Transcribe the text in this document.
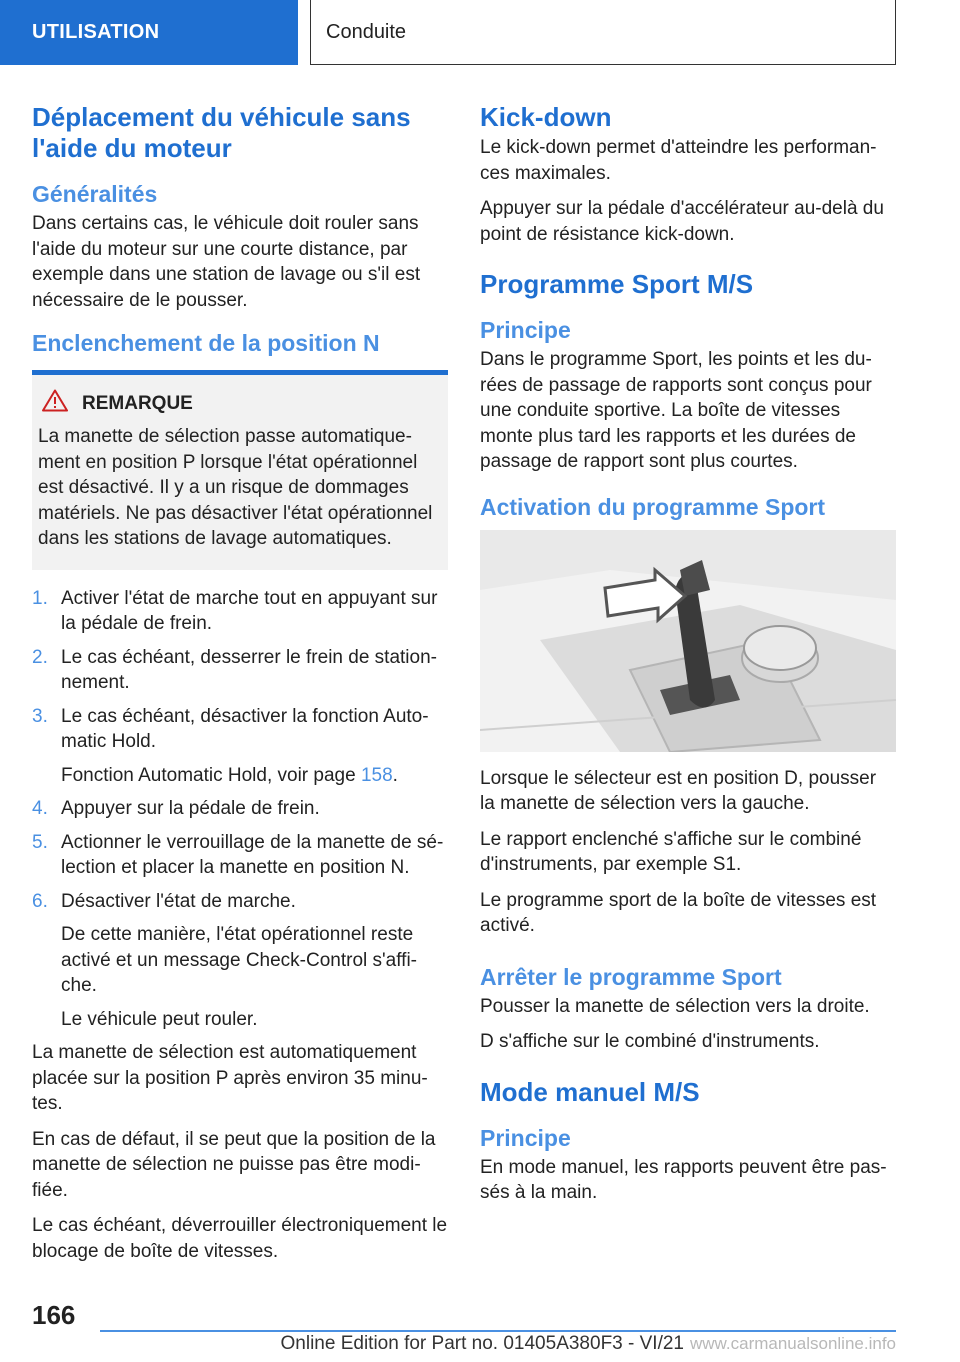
UTILISATION	Conduite
Déplacement du véhicule sans l'aide du moteur
Généralités

Dans certains cas, le véhicule doit rouler sans l'aide du moteur sur une courte distance, par exemple dans une station de lavage ou s'il est nécessaire de le pousser.

Enclenchement de la position N
REMARQUE

La manette de sélection passe automatique-ment en position P lorsque l'état opérationnel est désactivé. Il y a un risque de dommages matériels. Ne pas désactiver l'état opérationnel dans les stations de lavage automatiques.

1. Activer l'état de marche tout en appuyant sur la pédale de frein.
2. Le cas échéant, desserrer le frein de station-nement.
3. Le cas échéant, désactiver la fonction Auto-matic Hold.
Fonction Automatic Hold, voir page 158.
4. Appuyer sur la pédale de frein.
5. Actionner le verrouillage de la manette de sé-lection et placer la manette en position N.
6. Désactiver l'état de marche.
De cette manière, l'état opérationnel reste activé et un message Check-Control s'affi-che.
Le véhicule peut rouler.

La manette de sélection est automatiquement placée sur la position P après environ 35 minu-tes.

En cas de défaut, il se peut que la position de la manette de sélection ne puisse pas être modi-fiée.

Le cas échéant, déverrouiller électroniquement le blocage de boîte de vitesses.

Kick-down

Le kick-down permet d'atteindre les performan-ces maximales.

Appuyer sur la pédale d'accélérateur au-delà du point de résistance kick-down.

Programme Sport M/S
Principe

Dans le programme Sport, les points et les du-rées de passage de rapports sont conçus pour une conduite sportive. La boîte de vitesses monte plus tard les rapports et les durées de passage de rapport sont plus courtes.

Activation du programme Sport

Lorsque le sélecteur est en position D, pousser la manette de sélection vers la gauche.

Le rapport enclenché s'affiche sur le combiné d'instruments, par exemple S1.

Le programme sport de la boîte de vitesses est activé.

Arrêter le programme Sport

Pousser la manette de sélection vers la droite.

D s'affiche sur le combiné d'instruments.

Mode manuel M/S
Principe

En mode manuel, les rapports peuvent être pas-sés à la main.

166
Online Edition for Part no. 01405A380F3 - VI/21 www.carmanualsonline.info
